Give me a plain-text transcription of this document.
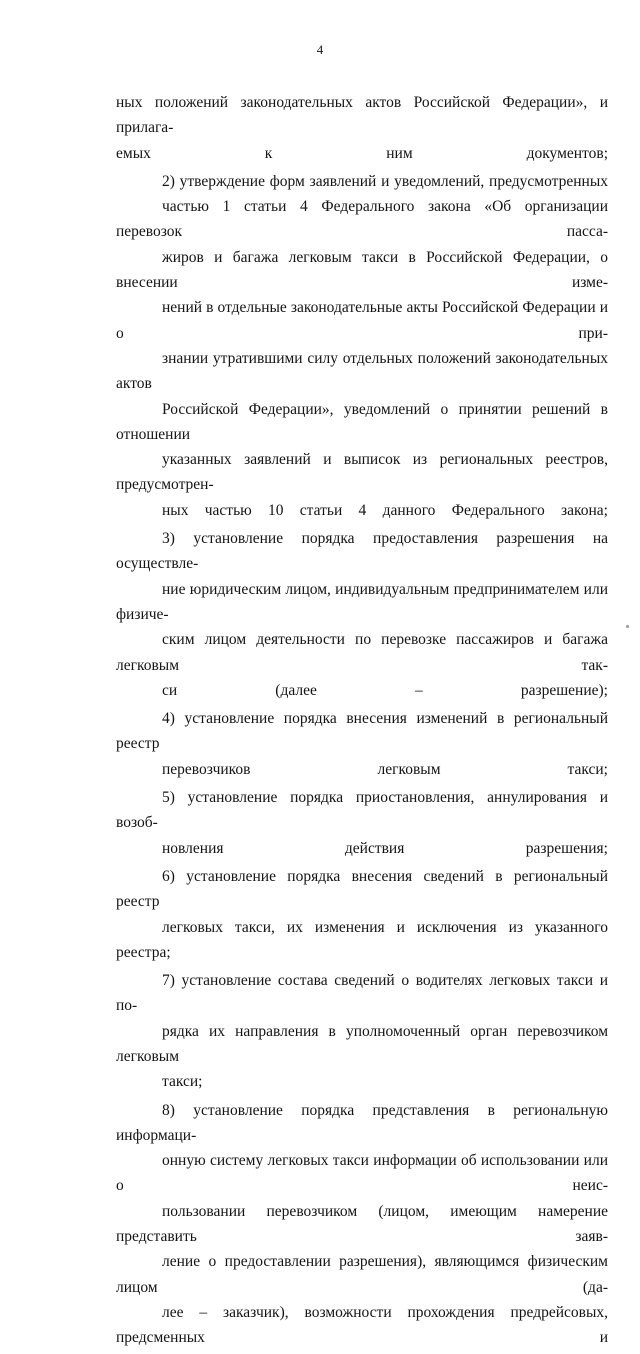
4

ных положений законодательных актов Российской Федерации», и прилага-
емых к ним документов;

2) утверждение форм заявлений и уведомлений, предусмотренных
частью 1 статьи 4 Федерального закона «Об организации перевозок пасса-
жиров и багажа легковым такси в Российской Федерации, о внесении изме-
нений в отдельные законодательные акты Российской Федерации и о при-
знании утратившими силу отдельных положений законодательных актов
Российской Федерации», уведомлений о принятии решений в отношении
указанных заявлений и выписок из региональных реестров, предусмотрен-
ных частью 10 статьи 4 данного Федерального закона;

3) установление порядка предоставления разрешения на осуществле-
ние юридическим лицом, индивидуальным предпринимателем или физиче-
ским лицом деятельности по перевозке пассажиров и багажа легковым так-
си (далее – разрешение);

4) установление порядка внесения изменений в региональный реестр
перевозчиков легковым такси;

5) установление порядка приостановления, аннулирования и возоб-
новления действия разрешения;

6) установление порядка внесения сведений в региональный реестр
легковых такси, их изменения и исключения из указанного реестра;

7) установление состава сведений о водителях легковых такси и по-
рядка их направления в уполномоченный орган перевозчиком легковым
такси;

8) установление порядка представления в региональную информаци-
онную систему легковых такси информации об использовании или о неис-
пользовании перевозчиком (лицом, имеющим намерение представить заяв-
ление о предоставлении разрешения), являющимся физическим лицом (да-
лее – заказчик), возможности прохождения предрейсовых, предсменных и
